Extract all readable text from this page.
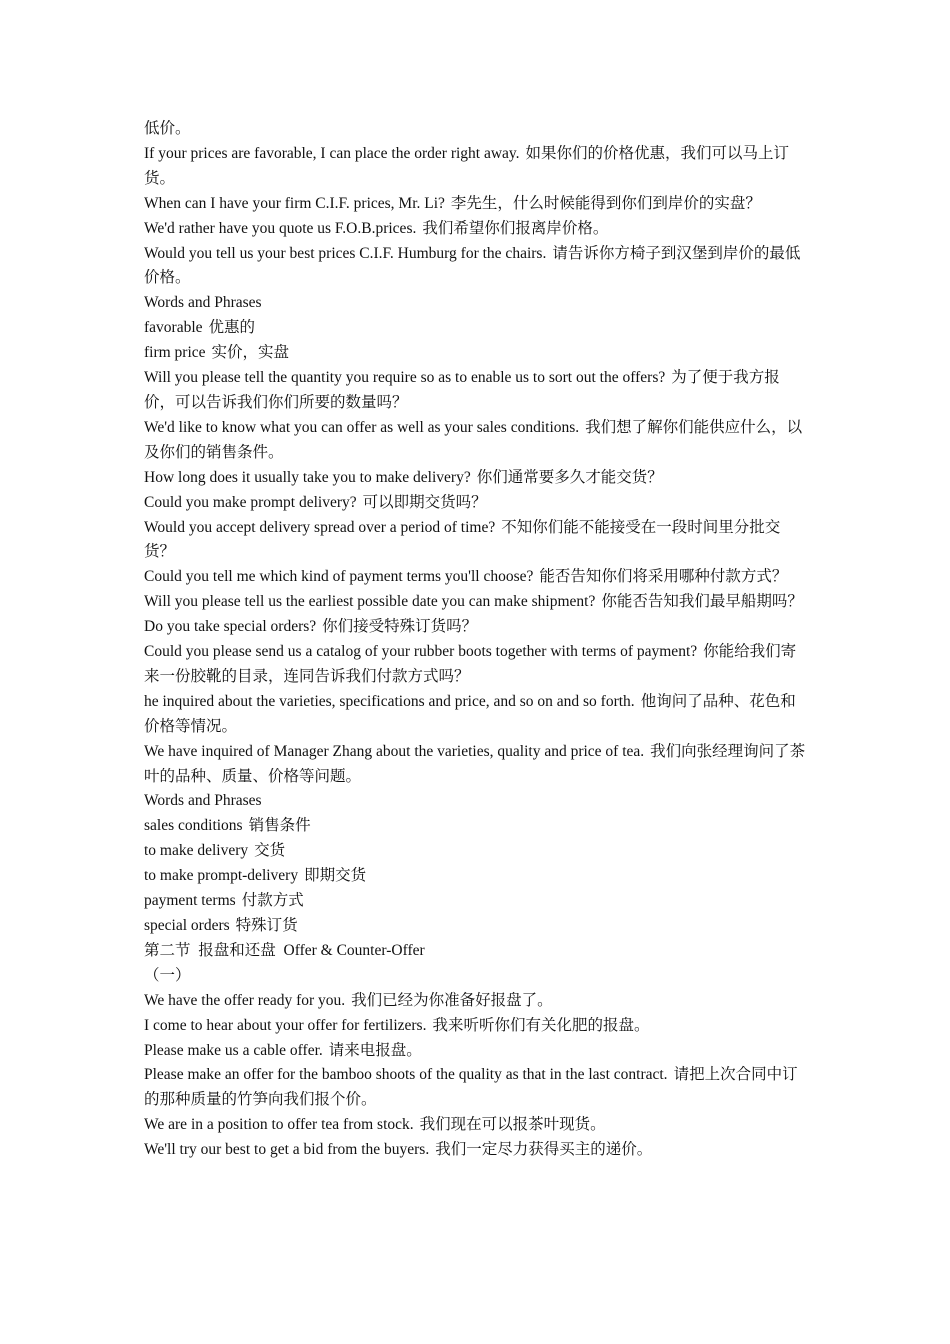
低价。

If your prices are favorable, I can place the order right away. 如果你们的价格优惠，我们可以马上订货。

When can I have your firm C.I.F. prices, Mr. Li? 李先生，什么时候能得到你们到岸价的实盘？

We'd rather have you quote us F.O.B.prices. 我们希望你们报离岸价格。

Would you tell us your best prices C.I.F. Humburg for the chairs. 请告诉你方椅子到汉堡到岸价的最低价格。

Words and Phrases

favorable 优惠的

firm price 实价，实盘

Will you please tell the quantity you require so as to enable us to sort out the offers? 为了便于我方报价，可以告诉我们你们所要的数量吗？

We'd like to know what you can offer as well as your sales conditions. 我们想了解你们能供应什么，以及你们的销售条件。

How long does it usually take you to make delivery? 你们通常要多久才能交货？

Could you make prompt delivery? 可以即期交货吗？

Would you accept delivery spread over a period of time? 不知你们能不能接受在一段时间里分批交货？

Could you tell me which kind of payment terms you'll choose? 能否告知你们将采用哪种付款方式？

Will you please tell us the earliest possible date you can make shipment? 你能否告知我们最早船期吗？

Do you take special orders? 你们接受特殊订货吗？

Could you please send us a catalog of your rubber boots together with terms of payment? 你能给我们寄来一份胶靴的目录，连同告诉我们付款方式吗？

he inquired about the varieties, specifications and price, and so on and so forth. 他询问了品种、花色和价格等情况。

We have inquired of Manager Zhang about the varieties, quality and price of tea. 我们向张经理询问了茶叶的品种、质量、价格等问题。

Words and Phrases

sales conditions 销售条件

to make delivery 交货

to make prompt-delivery 即期交货

payment terms 付款方式

special orders 特殊订货

第二节  报盘和还盘  Offer & Counter-Offer

（一）

We have the offer ready for you. 我们已经为你准备好报盘了。

I come to hear about your offer for fertilizers. 我来听听你们有关化肥的报盘。

Please make us a cable offer. 请来电报盘。

Please make an offer for the bamboo shoots of the quality as that in the last contract. 请把上次合同中订的那种质量的竹笋向我们报个价。

We are in a position to offer tea from stock. 我们现在可以报茶叶现货。

We'll try our best to get a bid from the buyers. 我们一定尽力获得买主的递价。
